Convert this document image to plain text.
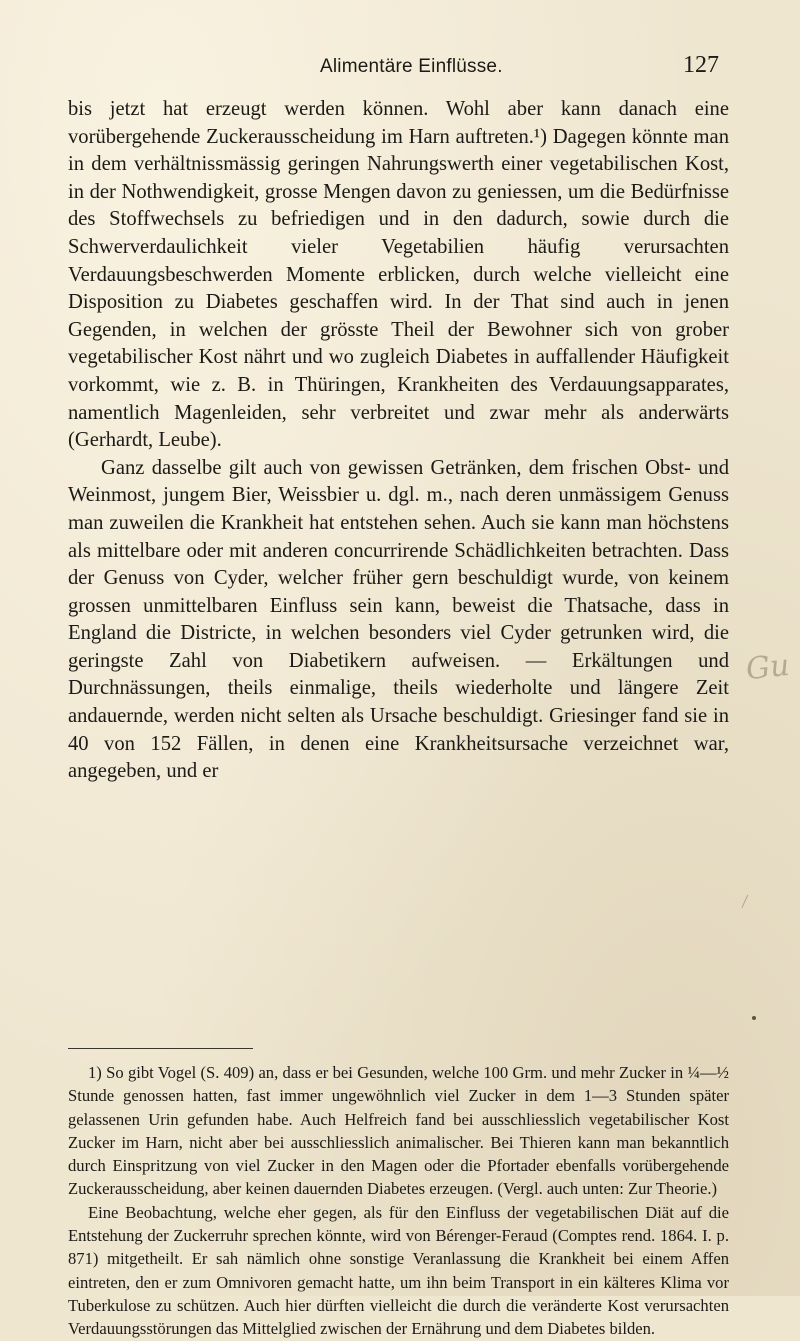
Alimentäre Einflüsse.	127

bis jetzt hat erzeugt werden können. Wohl aber kann danach eine vorübergehende Zuckerausscheidung im Harn auftreten.¹) Dagegen könnte man in dem verhältnissmässig geringen Nahrungswerth einer vegetabilischen Kost, in der Nothwendigkeit, grosse Mengen davon zu geniessen, um die Bedürfnisse des Stoffwechsels zu befriedigen und in den dadurch, sowie durch die Schwerverdaulichkeit vieler Vegetabilien häufig verursachten Verdauungsbeschwerden Momente erblicken, durch welche vielleicht eine Disposition zu Diabetes geschaffen wird. In der That sind auch in jenen Gegenden, in welchen der grösste Theil der Bewohner sich von grober vegetabilischer Kost nährt und wo zugleich Diabetes in auffallender Häufigkeit vorkommt, wie z. B. in Thüringen, Krankheiten des Verdauungsapparates, namentlich Magenleiden, sehr verbreitet und zwar mehr als anderwärts (Gerhardt, Leube).

Ganz dasselbe gilt auch von gewissen Getränken, dem frischen Obst- und Weinmost, jungem Bier, Weissbier u. dgl. m., nach deren unmässigem Genuss man zuweilen die Krankheit hat entstehen sehen. Auch sie kann man höchstens als mittelbare oder mit anderen concurrirende Schädlichkeiten betrachten. Dass der Genuss von Cyder, welcher früher gern beschuldigt wurde, von keinem grossen unmittelbaren Einfluss sein kann, beweist die Thatsache, dass in England die Districte, in welchen besonders viel Cyder getrunken wird, die geringste Zahl von Diabetikern aufweisen. — Erkältungen und Durchnässungen, theils einmalige, theils wiederholte und längere Zeit andauernde, werden nicht selten als Ursache beschuldigt. Griesinger fand sie in 40 von 152 Fällen, in denen eine Krankheitsursache verzeichnet war, angegeben, und er

1) So gibt Vogel (S. 409) an, dass er bei Gesunden, welche 100 Grm. und mehr Zucker in ¼—½ Stunde genossen hatten, fast immer ungewöhnlich viel Zucker in dem 1—3 Stunden später gelassenen Urin gefunden habe. Auch Helfreich fand bei ausschliesslich vegetabilischer Kost Zucker im Harn, nicht aber bei ausschliesslich animalischer. Bei Thieren kann man bekanntlich durch Einspritzung von viel Zucker in den Magen oder die Pfortader ebenfalls vorübergehende Zuckerausscheidung, aber keinen dauernden Diabetes erzeugen. (Vergl. auch unten: Zur Theorie.)

Eine Beobachtung, welche eher gegen, als für den Einfluss der vegetabilischen Diät auf die Entstehung der Zuckerruhr sprechen könnte, wird von Bérenger-Feraud (Comptes rend. 1864. I. p. 871) mitgetheilt. Er sah nämlich ohne sonstige Veranlassung die Krankheit bei einem Affen eintreten, den er zum Omnivoren gemacht hatte, um ihn beim Transport in ein kälteres Klima vor Tuberkulose zu schützen. Auch hier dürften vielleicht die durch die veränderte Kost verursachten Verdauungsstörungen das Mittelglied zwischen der Ernährung und dem Diabetes bilden.

Gu
